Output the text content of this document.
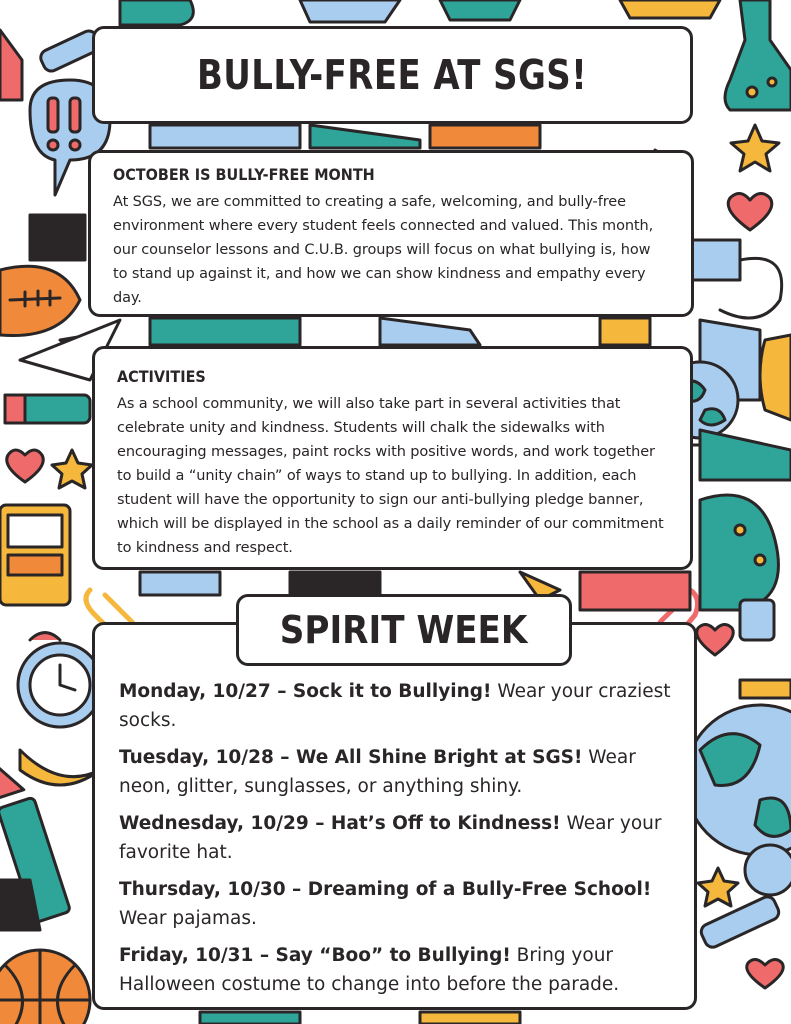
BULLY-FREE AT SGS!
OCTOBER IS BULLY-FREE MONTH

At SGS, we are committed to creating a safe, welcoming, and bully-free environment where every student feels connected and valued. This month, our counselor lessons and C.U.B. groups will focus on what bullying is, how to stand up against it, and how we can show kindness and empathy every day.

ACTIVITIES

As a school community, we will also take part in several activities that celebrate unity and kindness. Students will chalk the sidewalks with encouraging messages, paint rocks with positive words, and work together to build a “unity chain” of ways to stand up to bullying. In addition, each student will have the opportunity to sign our anti-bullying pledge banner, which will be displayed in the school as a daily reminder of our commitment to kindness and respect.

Monday, 10/27 – Sock it to Bullying! Wear your craziest socks.

Tuesday, 10/28 – We All Shine Bright at SGS! Wear neon, glitter, sunglasses, or anything shiny.

Wednesday, 10/29 – Hat’s Off to Kindness! Wear your favorite hat.

Thursday, 10/30 – Dreaming of a Bully-Free School! Wear pajamas.

Friday, 10/31 – Say “Boo” to Bullying! Bring your Halloween costume to change into before the parade.

SPIRIT WEEK
